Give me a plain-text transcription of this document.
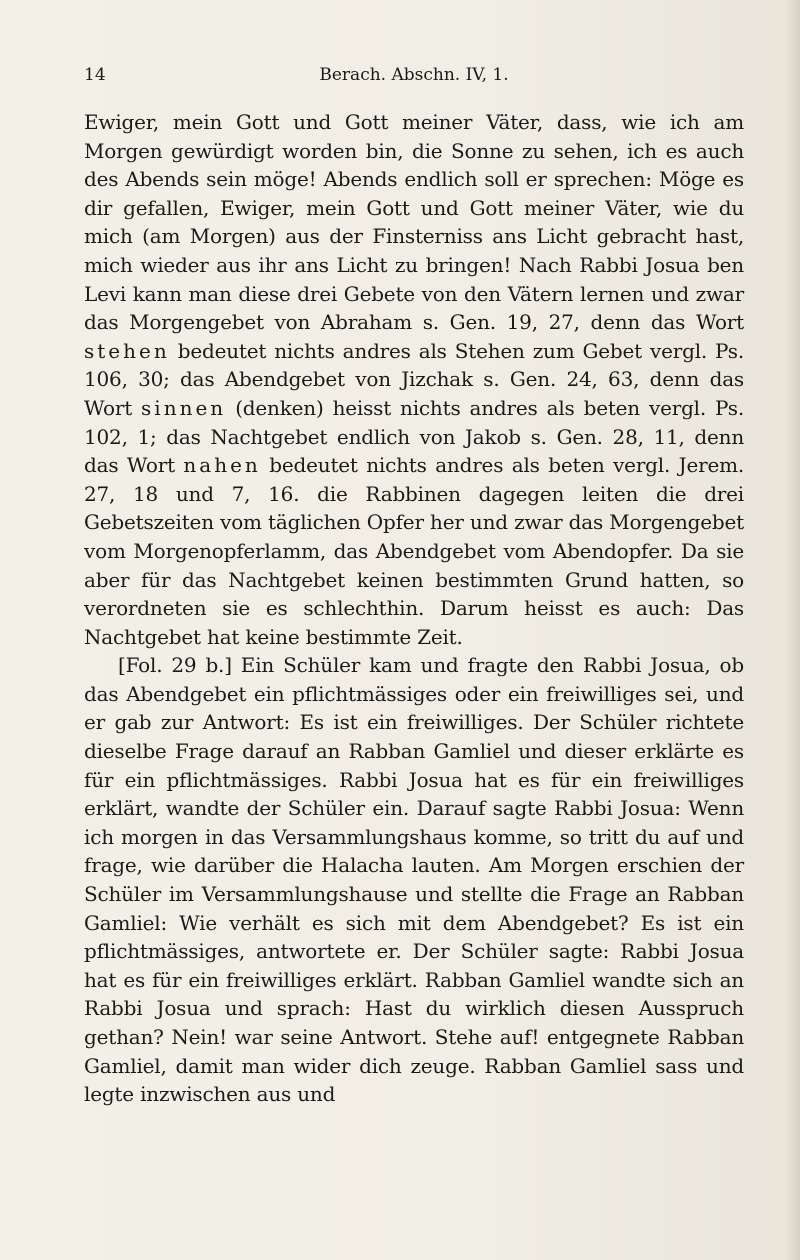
14	Berach. Abschn. IV, 1.

Ewiger, mein Gott und Gott meiner Väter, dass, wie ich am Morgen gewürdigt worden bin, die Sonne zu sehen, ich es auch des Abends sein möge! Abends endlich soll er sprechen: Möge es dir gefallen, Ewiger, mein Gott und Gott meiner Väter, wie du mich (am Morgen) aus der Finsterniss ans Licht gebracht hast, mich wieder aus ihr ans Licht zu bringen! Nach Rabbi Josua ben Levi kann man diese drei Gebete von den Vätern lernen und zwar das Morgengebet von Abraham s. Gen. 19, 27, denn das Wort stehen bedeutet nichts andres als Stehen zum Gebet vergl. Ps. 106, 30; das Abendgebet von Jizchak s. Gen. 24, 63, denn das Wort sinnen (denken) heisst nichts andres als beten vergl. Ps. 102, 1; das Nachtgebet endlich von Jakob s. Gen. 28, 11, denn das Wort nahen bedeutet nichts andres als beten vergl. Jerem. 27, 18 und 7, 16. die Rabbinen dagegen leiten die drei Gebetszeiten vom täglichen Opfer her und zwar das Morgengebet vom Morgenopferlamm, das Abendgebet vom Abendopfer. Da sie aber für das Nachtgebet keinen bestimmten Grund hatten, so verordneten sie es schlechthin. Darum heisst es auch: Das Nachtgebet hat keine bestimmte Zeit.

[Fol. 29 b.] Ein Schüler kam und fragte den Rabbi Josua, ob das Abendgebet ein pflichtmässiges oder ein freiwilliges sei, und er gab zur Antwort: Es ist ein freiwilliges. Der Schüler richtete dieselbe Frage darauf an Rabban Gamliel und dieser erklärte es für ein pflichtmässiges. Rabbi Josua hat es für ein freiwilliges erklärt, wandte der Schüler ein. Darauf sagte Rabbi Josua: Wenn ich morgen in das Versammlungshaus komme, so tritt du auf und frage, wie darüber die Halacha lauten. Am Morgen erschien der Schüler im Versammlungshause und stellte die Frage an Rabban Gamliel: Wie verhält es sich mit dem Abendgebet? Es ist ein pflichtmässiges, antwortete er. Der Schüler sagte: Rabbi Josua hat es für ein freiwilliges erklärt. Rabban Gamliel wandte sich an Rabbi Josua und sprach: Hast du wirklich diesen Ausspruch gethan? Nein! war seine Antwort. Stehe auf! entgegnete Rabban Gamliel, damit man wider dich zeuge. Rabban Gamliel sass und legte inzwischen aus und
